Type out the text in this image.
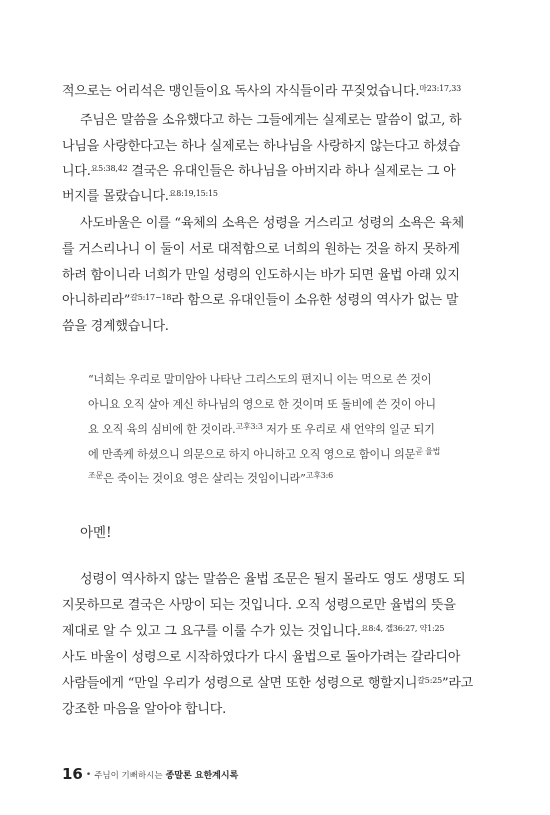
적으로는 어리석은 맹인들이요 독사의 자식들이라 꾸짖었습니다.$^{마23:17,33}$
주님은 말씀을 소유했다고 하는 그들에게는 실제로는 말씀이 없고, 하
나님을 사랑한다고는 하나 실제로는 하나님을 사랑하지 않는다고 하셨습
니다.$^{요5:38,42}$ 결국은 유대인들은 하나님을 아버지라 하나 실제로는 그 아
버지를 몰랐습니다.$^{요8:19,15:15}$
사도바울은 이를 “육체의 소욕은 성령을 거스리고 성령의 소욕은 육체
를 거스리나니 이 둘이 서로 대적함으로 너희의 원하는 것을 하지 못하게
하려 함이니라 너희가 만일 성령의 인도하시는 바가 되면 율법 아래 있지
아니하리라”$^{갈5:17-18}$라 함으로 유대인들이 소유한 성령의 역사가 없는 말
씀을 경계했습니다.
“너희는 우리로 말미암아 나타난 그리스도의 편지니 이는 먹으로 쓴 것이
아니요 오직 살아 계신 하나님의 영으로 한 것이며 또 돌비에 쓴 것이 아니
요 오직 육의 심비에 한 것이라.$^{고후3:3}$ 저가 또 우리로 새 언약의 일군 되기
에 만족케 하셨으니 의문으로 하지 아니하고 오직 영으로 함이니 의문$^{곧 율법}$
$^{조문}$은 죽이는 것이요 영은 살리는 것임이니라”$^{고후3:6}$
아멘!
성령이 역사하지 않는 말씀은 율법 조문은 될지 몰라도 영도 생명도 되
지못하므로 결국은 사망이 되는 것입니다. 오직 성령으로만 율법의 뜻을
제대로 알 수 있고 그 요구를 이룰 수가 있는 것입니다.$^{요8:4, 겔36:27, 약1:25}$
사도 바울이 성령으로 시작하였다가 다시 율법으로 돌아가려는 갈라디아
사람들에게 “만일 우리가 성령으로 살면 또한 성령으로 행할지니$^{갈5:25}$”라고
강조한 마음을 알아야 합니다.
16 • 주님이 기뻐하시는 종말론 요한계시록
